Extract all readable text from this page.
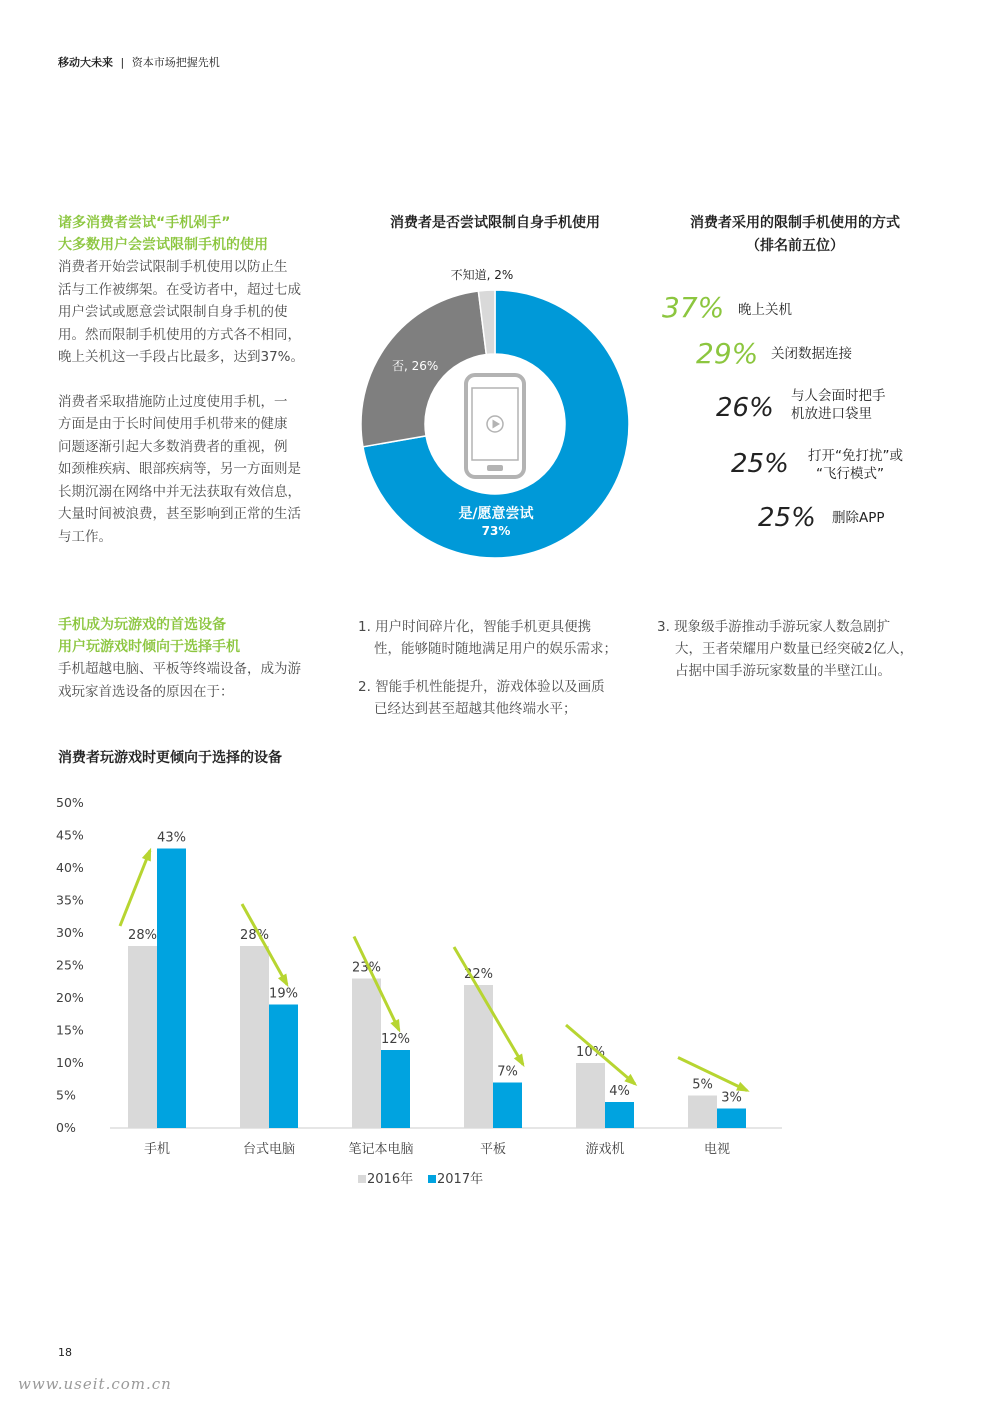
移动大未来 | 资本市场把握先机
诸多消费者尝试“手机剁手”
大多数用户会尝试限制手机的使用
消费者开始尝试限制手机使用以防止生
活与工作被绑架。在受访者中，超过七成
用户尝试或愿意尝试限制自身手机的使
用。然而限制手机使用的方式各不相同，
晚上关机这一手段占比最多，达到37%。
消费者采取措施防止过度使用手机，一
方面是由于长时间使用手机带来的健康
问题逐渐引起大多数消费者的重视，例
如颈椎疾病、眼部疾病等，另一方面则是
长期沉溺在网络中并无法获取有效信息，
大量时间被浪费，甚至影响到正常的生活
与工作。
消费者是否尝试限制自身手机使用
不知道, 2%
否, 26%
是/愿意尝试
73%
消费者采用的限制手机使用的方式
（排名前五位）
37% 晚上关机
29% 关闭数据连接
26% 与人会面时把手
机放进口袋里
25% 打开“免打扰”或
“飞行模式”
25% 删除APP
手机成为玩游戏的首选设备
用户玩游戏时倾向于选择手机
手机超越电脑、平板等终端设备，成为游
戏玩家首选设备的原因在于：
1. 用户时间碎片化，智能手机更具便携
性，能够随时随地满足用户的娱乐需求；
2. 智能手机性能提升，游戏体验以及画质
已经达到甚至超越其他终端水平；
3. 现象级手游推动手游玩家人数急剧扩
大，王者荣耀用户数量已经突破2亿人，
占据中国手游玩家数量的半壁江山。
消费者玩游戏时更倾向于选择的设备
0%
5%
10%
15%
20%
25%
30%
35%
40%
45%
50%
28%
43%
28%
19%
23%
12%
22%
7%
10%
4%	5%
3%
手机	台式电脑	笔记本电脑	平板	游戏机	电视
2016年 2017年
18
www.useit.com.cn
